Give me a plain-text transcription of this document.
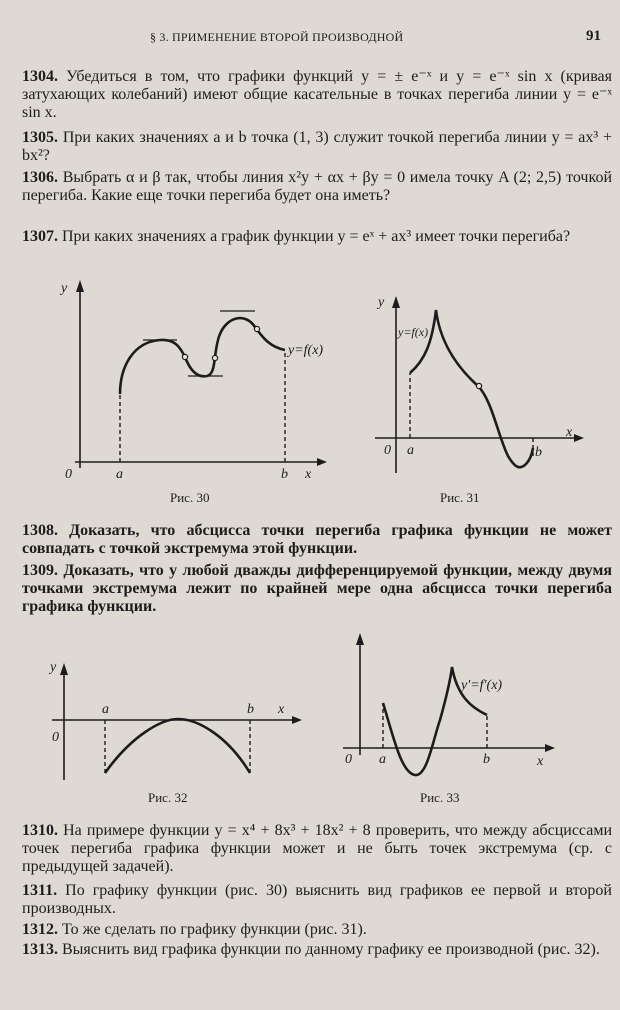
§ 3. ПРИМЕНЕНИЕ ВТОРОЙ ПРОИЗВОДНОЙ	91
1304. Убедиться в том, что графики функций y = ± e⁻ˣ и y = e⁻ˣ sin x (кривая затухающих колебаний) имеют общие касательные в точках перегиба линии y = e⁻ˣ sin x.
1305. При каких значениях a и b точка (1, 3) служит точкой перегиба линии y = ax³ + bx²?
1306. Выбрать α и β так, чтобы линия x²y + αx + βy = 0 имела точку A (2; 2,5) точкой перегиба. Какие еще точки перегиба будет она иметь?
1307. При каких значениях a график функции y = eˣ + ax³ имеет точки перегиба?
y
0	a	b x
y=f(x)
Рис. 30
y
0 a	b
x
y=f(x)
Рис. 31
1308. Доказать, что абсцисса точки перегиба графика функции не может совпадать с точкой экстремума этой функции.
1309. Доказать, что у любой дважды дифференцируемой функции, между двумя точками экстремума лежит по крайней мере одна абсцисса точки перегиба графика функции.
y
0
a	b x
Рис. 32
0 a	b	x
y'=f'(x)
Рис. 33
1310. На примере функции y = x⁴ + 8x³ + 18x² + 8 проверить, что между абсциссами точек перегиба графика функции может и не быть точек экстремума (ср. с предыдущей задачей).
1311. По графику функции (рис. 30) выяснить вид графиков ее первой и второй производных.
1312. То же сделать по графику функции (рис. 31).
1313. Выяснить вид графика функции по данному графику ее производной (рис. 32).
